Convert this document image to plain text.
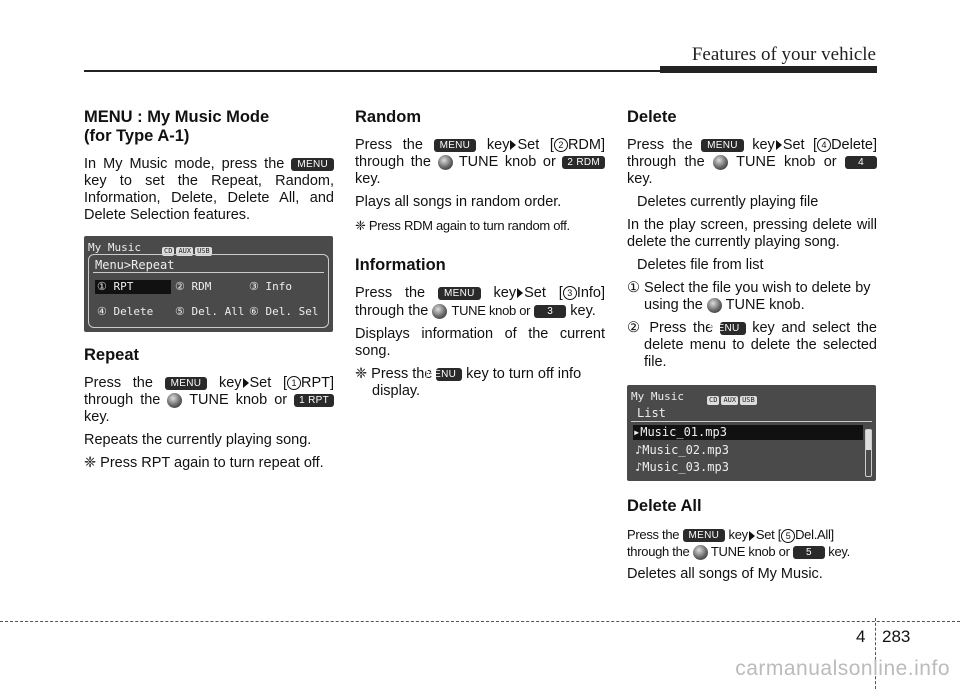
Features of your vehicle
MENU : My Music Mode
(for Type A-1)

In My Music mode, press the MENU key to set the Repeat, Random, Information, Delete, Delete All, and Delete Selection features.

My Music	CD AUX USB
Menu>Repeat
① RPT	② RDM	③ Info
④ Delete ⑤ Del. All ⑥ Del. Sel
Repeat

Press the MENU key Set [ 1 RPT] through the TUNE knob or 1 RPT key.

Repeats the currently playing song.

❈ Press RPT again to turn repeat off.

Random

Press the MENU key Set [ 2 RDM] through the TUNE knob or 2 RDM key.

Plays all songs in random order.

❈ Press RDM again to turn random off.

Information

Press the MENU key Set [ 3 Info] through the TUNE knob or 3 key.

Displays information of the current song.

❈ Press the MENU key to turn off info display.

Delete

Press the MENU key Set [ 4 Delete] through the TUNE knob or 4 key.

Deletes currently playing file

In the play screen, pressing delete will delete the currently playing song.

Deletes file from list

① Select the file you wish to delete by using the TUNE knob.

② Press the MENU key and select the delete menu to delete the selected file.

My Music	CD AUX USB
List
▸Music_01.mp3
♪Music_02.mp3
♪Music_03.mp3
Delete All

Press the MENU key Set [ 5 Del.All] through the TUNE knob or 5 key.

Deletes all songs of My Music.

4 283
carmanualsonline.info
